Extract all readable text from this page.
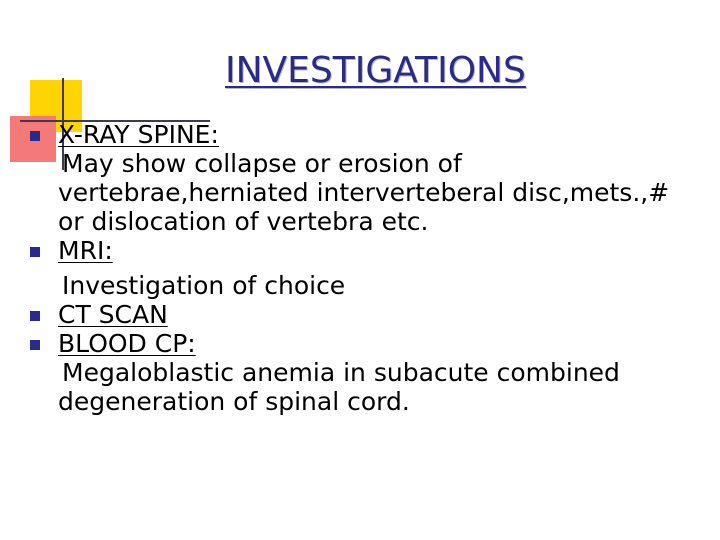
INVESTIGATIONS
X-RAY SPINE:
May show collapse or erosion of vertebrae,herniated interverteberal disc,mets.,# or dislocation of vertebra etc.
MRI:
Investigation of choice
CT SCAN
BLOOD CP:
Megaloblastic anemia in subacute combined degeneration of spinal cord.
